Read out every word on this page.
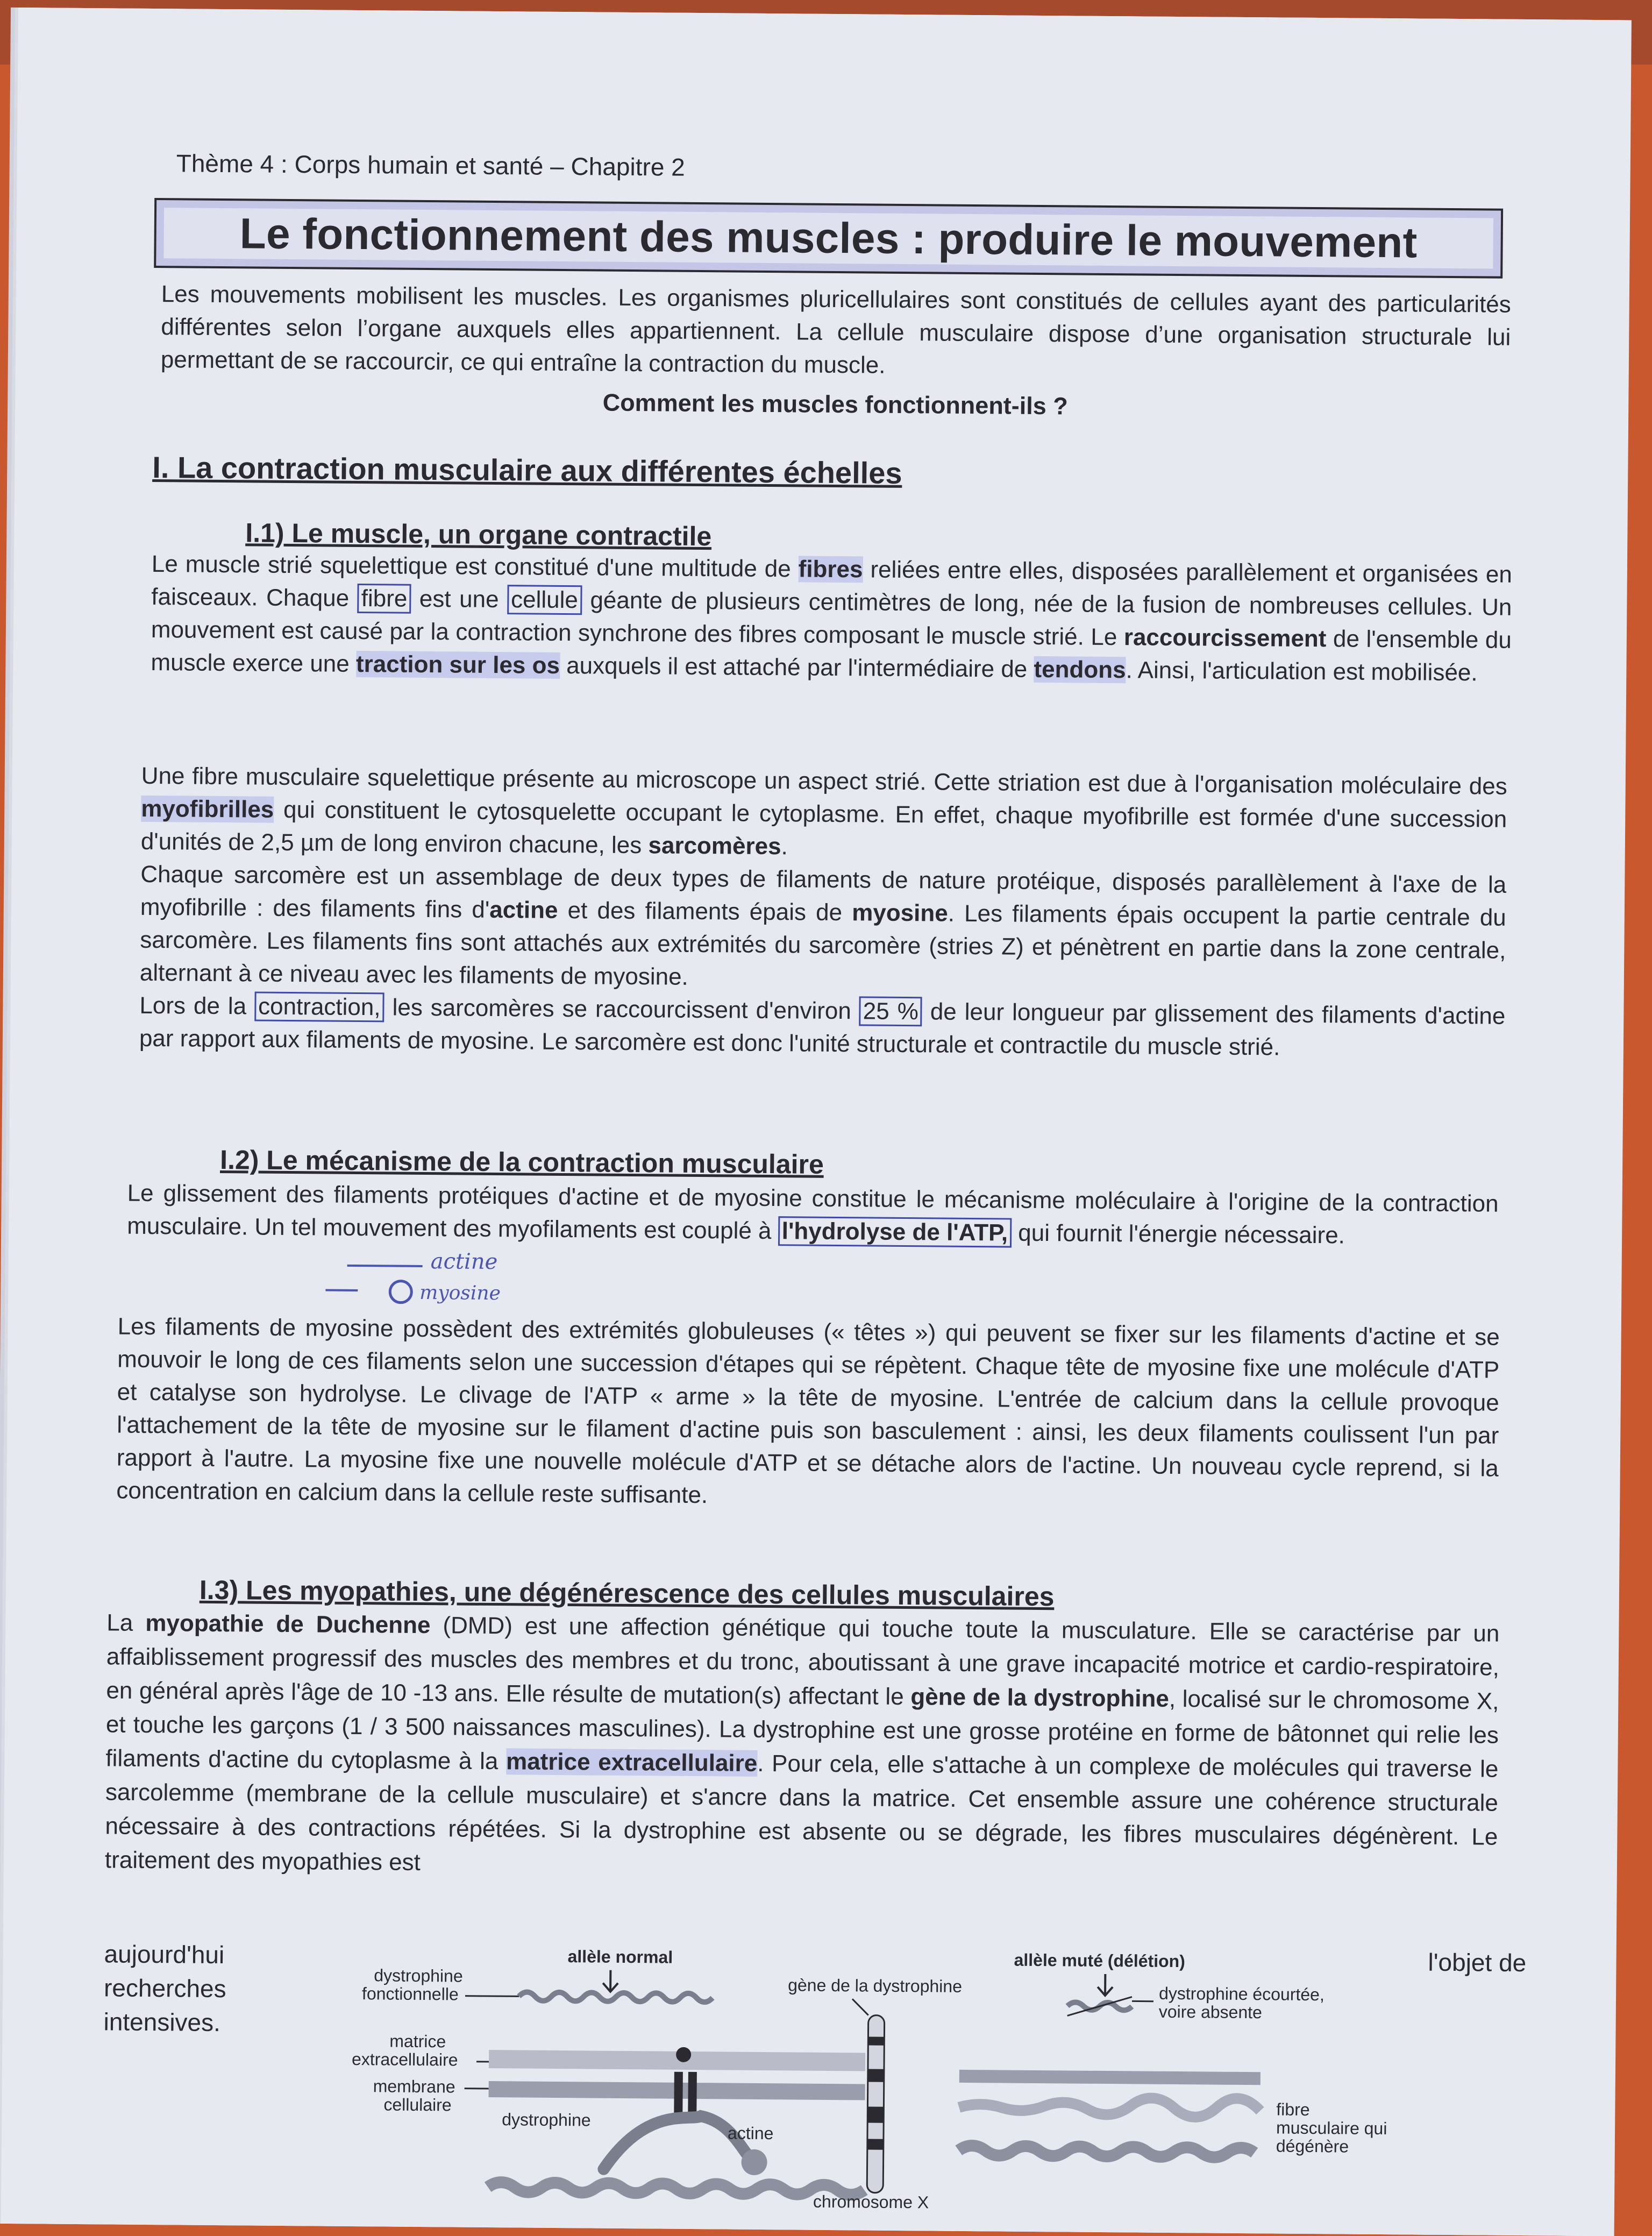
Thème 4 : Corps humain et santé – Chapitre 2
Le fonctionnement des muscles : produire le mouvement
Les mouvements mobilisent les muscles. Les organismes pluricellulaires sont constitués de cellules ayant des particularités différentes selon l’organe auxquels elles appartiennent. La cellule musculaire dispose d’une organisation structurale lui permettant de se raccourcir, ce qui entraîne la contraction du muscle.
Comment les muscles fonctionnent-ils ?
I. La contraction musculaire aux différentes échelles
I.1) Le muscle, un organe contractile

Le muscle strié squelettique est constitué d'une multitude de fibres reliées entre elles, disposées parallèlement et organisées en faisceaux. Chaque fibre est une cellule géante de plusieurs centimètres de long, née de la fusion de nombreuses cellules. Un mouvement est causé par la contraction synchrone des fibres composant le muscle strié. Le raccourcissement de l'ensemble du muscle exerce une traction sur les os auxquels il est attaché par l'intermédiaire de tendons. Ainsi, l'articulation est mobilisée.

Une fibre musculaire squelettique présente au microscope un aspect strié. Cette striation est due à l'organisation moléculaire des myofibrilles qui constituent le cytosquelette occupant le cytoplasme. En effet, chaque myofibrille est formée d'une succession d'unités de 2,5 µm de long environ chacune, les sarcomères.

Chaque sarcomère est un assemblage de deux types de filaments de nature protéique, disposés parallèlement à l'axe de la myofibrille : des filaments fins d'actine et des filaments épais de myosine. Les filaments épais occupent la partie centrale du sarcomère. Les filaments fins sont attachés aux extrémités du sarcomère (stries Z) et pénètrent en partie dans la zone centrale, alternant à ce niveau avec les filaments de myosine.

Lors de la contraction, les sarcomères se raccourcissent d'environ 25 % de leur longueur par glissement des filaments d'actine par rapport aux filaments de myosine. Le sarcomère est donc l'unité structurale et contractile du muscle strié.

I.2) Le mécanisme de la contraction musculaire

Le glissement des filaments protéiques d'actine et de myosine constitue le mécanisme moléculaire à l'origine de la contraction musculaire. Un tel mouvement des myofilaments est couplé à l'hydrolyse de l'ATP, qui fournit l'énergie nécessaire.

actine
myosine
Les filaments de myosine possèdent des extrémités globuleuses (« têtes ») qui peuvent se fixer sur les filaments d'actine et se mouvoir le long de ces filaments selon une succession d'étapes qui se répètent. Chaque tête de myosine fixe une molécule d'ATP et catalyse son hydrolyse. Le clivage de l'ATP « arme » la tête de myosine. L'entrée de calcium dans la cellule provoque l'attachement de la tête de myosine sur le filament d'actine puis son basculement : ainsi, les deux filaments coulissent l'un par rapport à l'autre. La myosine fixe une nouvelle molécule d'ATP et se détache alors de l'actine. Un nouveau cycle reprend, si la concentration en calcium dans la cellule reste suffisante.
I.3) Les myopathies, une dégénérescence des cellules musculaires

La myopathie de Duchenne (DMD) est une affection génétique qui touche toute la musculature. Elle se caractérise par un affaiblissement progressif des muscles des membres et du tronc, aboutissant à une grave incapacité motrice et cardio-respiratoire, en général après l'âge de 10 -13 ans. Elle résulte de mutation(s) affectant le gène de la dystrophine, localisé sur le chromosome X, et touche les garçons (1 / 3 500 naissances masculines). La dystrophine est une grosse protéine en forme de bâtonnet qui relie les filaments d'actine du cytoplasme à la matrice extracellulaire. Pour cela, elle s'attache à un complexe de molécules qui traverse le sarcolemme (membrane de la cellule musculaire) et s'ancre dans la matrice. Cet ensemble assure une cohérence structurale nécessaire à des contractions répétées. Si la dystrophine est absente ou se dégrade, les fibres musculaires dégénèrent. Le traitement des myopathies est

aujourd'hui
recherches
intensives.
l'objet de
allèle normal
dystrophine
fonctionnelle
matrice
extracellulaire
membrane
cellulaire
dystrophine
actine
gène de la dystrophine
chromosome X
allèle muté (délétion)
dystrophine écourtée,
voire absente
fibre
musculaire qui
dégénère
